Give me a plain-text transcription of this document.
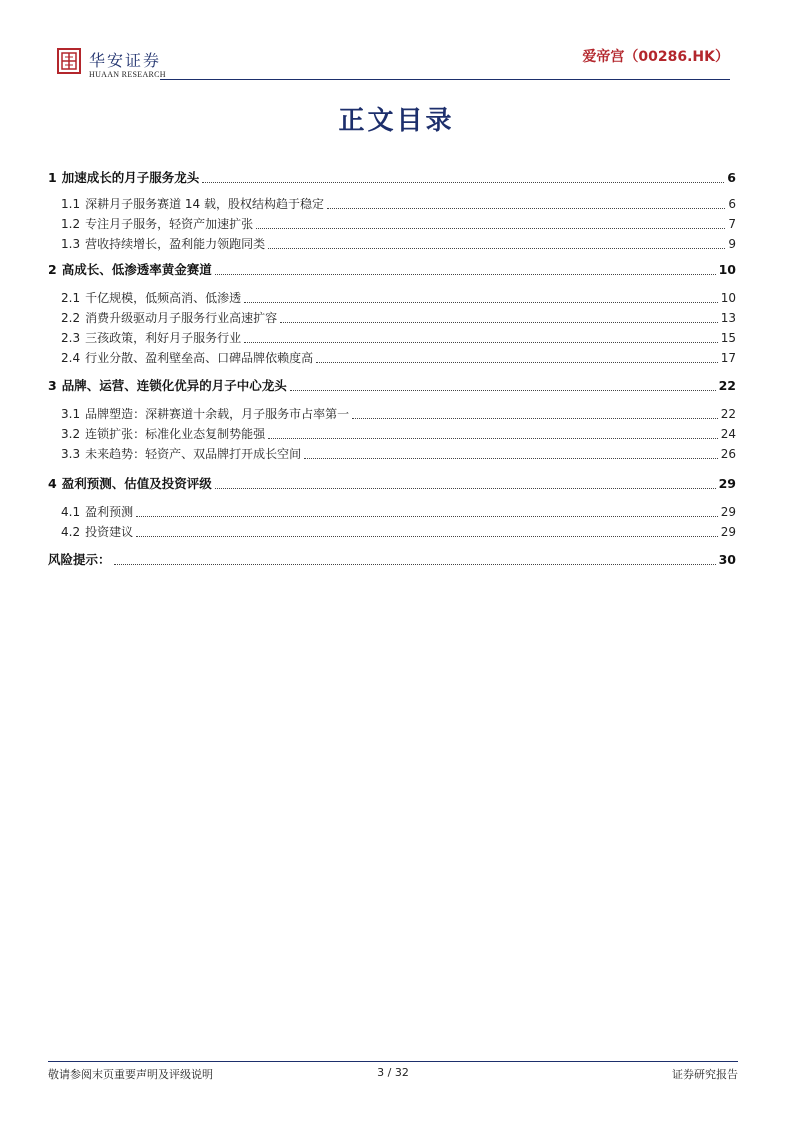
华安证券
HUAAN RESEARCH
爱帝宫（00286.HK）
正文目录
1 加速成长的月子服务龙头	6
1.1 深耕月子服务赛道 14 载，股权结构趋于稳定	6
1.2 专注月子服务，轻资产加速扩张	7
1.3 营收持续增长，盈利能力领跑同类	9
2 高成长、低渗透率黄金赛道	10
2.1 千亿规模，低频高消、低渗透	10
2.2 消费升级驱动月子服务行业高速扩容	13
2.3 三孩政策，利好月子服务行业	15
2.4 行业分散、盈利壁垒高、口碑品牌依赖度高	17
3 品牌、运营、连锁化优异的月子中心龙头	22
3.1 品牌塑造：深耕赛道十余载，月子服务市占率第一	22
3.2 连锁扩张：标准化业态复制势能强	24
3.3 未来趋势：轻资产、双品牌打开成长空间	26
4 盈利预测、估值及投资评级	29
4.1 盈利预测	29
4.2 投资建议	29
风险提示：	30
敬请参阅末页重要声明及评级说明	3 / 32	证券研究报告
